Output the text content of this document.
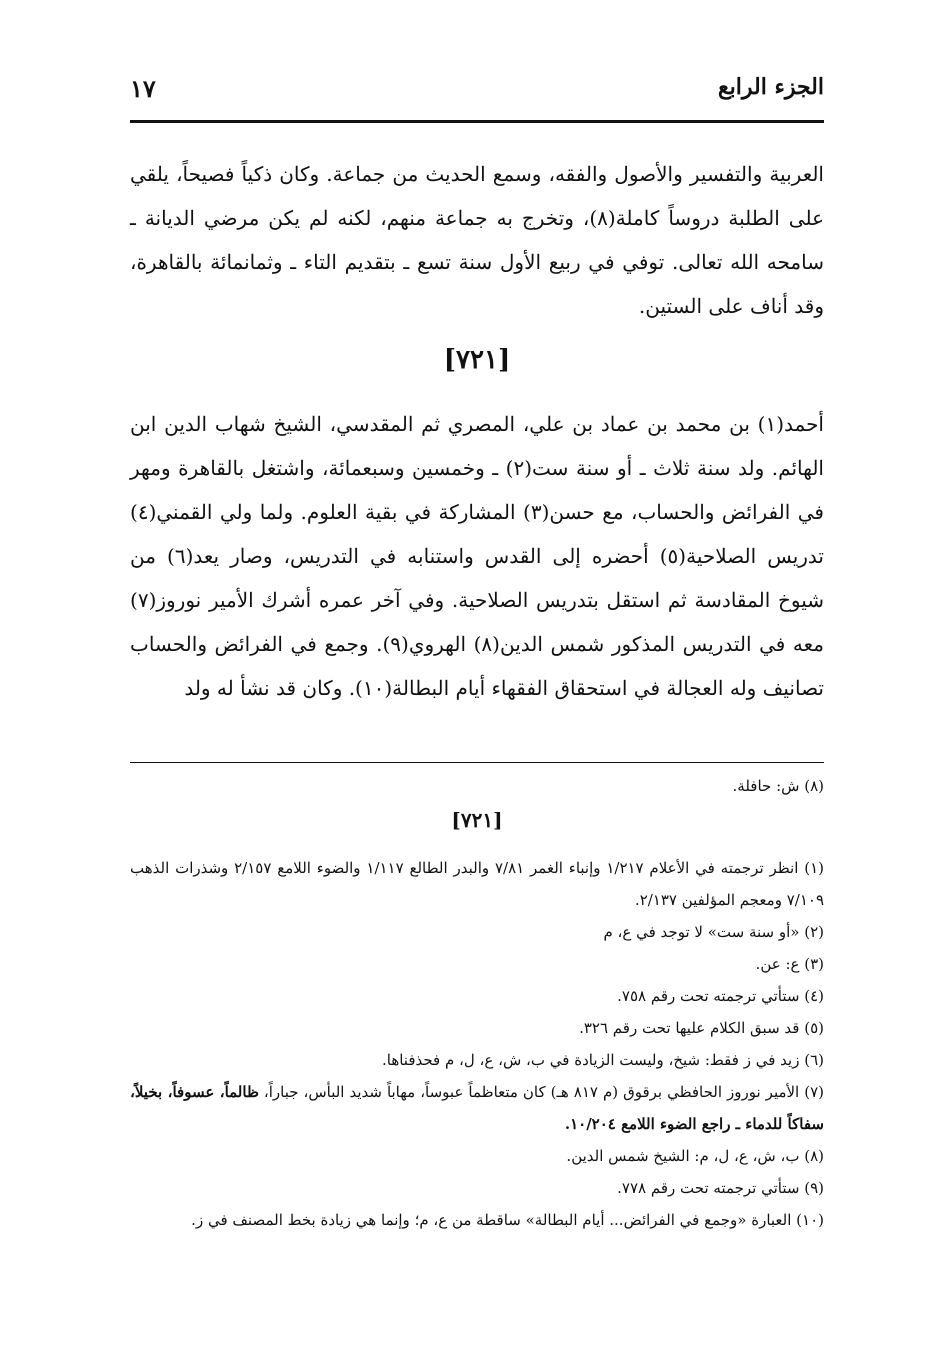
الجزء الرابع
١٧

العربية والتفسير والأصول والفقه، وسمع الحديث من جماعة. وكان ذكياً فصيحاً، يلقي على الطلبة دروساً كاملة(٨)، وتخرج به جماعة منهم، لكنه لم يكن مرضي الديانة ـ سامحه الله تعالى. توفي في ربيع الأول سنة تسع ـ بتقديم التاء ـ وثمانمائة بالقاهرة، وقد أناف على الستين.

[٧٢١]

أحمد(١) بن محمد بن عماد بن علي، المصري ثم المقدسي، الشيخ شهاب الدين ابن الهائم. ولد سنة ثلاث ـ أو سنة ست(٢) ـ وخمسين وسبعمائة، واشتغل بالقاهرة ومهر في الفرائض والحساب، مع حسن(٣) المشاركة في بقية العلوم. ولما ولي القمني(٤) تدريس الصلاحية(٥) أحضره إلى القدس واستنابه في التدريس، وصار يعد(٦) من شيوخ المقادسة ثم استقل بتدريس الصلاحية. وفي آخر عمره أشرك الأمير نوروز(٧) معه في التدريس المذكور شمس الدين(٨) الهروي(٩). وجمع في الفرائض والحساب تصانيف وله العجالة في استحقاق الفقهاء أيام البطالة(١٠). وكان قد نشأ له ولد

(٨) ش: حافلة.

[٧٢١]

(١) انظر ترجمته في الأعلام ١/٢١٧ وإنباء الغمر ٧/٨١ والبدر الطالع ١/١١٧ والضوء اللامع ٢/١٥٧ وشذرات الذهب ٧/١٠٩ ومعجم المؤلفين ٢/١٣٧.

(٢) «أو سنة ست» لا توجد في ع، م

(٣) ع: عن.

(٤) ستأتي ترجمته تحت رقم ٧٥٨.

(٥) قد سبق الكلام عليها تحت رقم ٣٢٦.

(٦) زيد في ز فقط: شيخ، وليست الزيادة في ب، ش، ع، ل، م فحذفناها.

(٧) الأمير نوروز الحافظي برقوق (م ٨١٧ هـ) كان متعاظماً عبوساً، مهاباً شديد البأس، جباراً، ظالماً، عسوفاً، بخيلاً، سفاكاً للدماء ـ راجع الضوء اللامع ١٠/٢٠٤.

(٨) ب، ش، ع، ل، م: الشيخ شمس الدين.

(٩) ستأتي ترجمته تحت رقم ٧٧٨.

(١٠) العبارة «وجمع في الفرائض... أيام البطالة» ساقطة من ع، م؛ وإنما هي زيادة بخط المصنف في ز.
